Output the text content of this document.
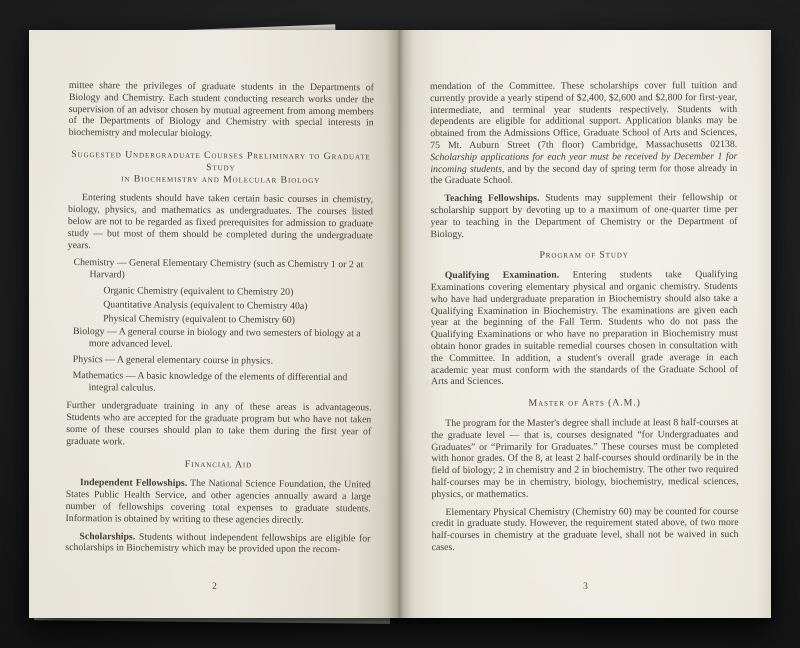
mittee share the privileges of graduate students in the Departments of Biology and Chemistry. Each student conducting research works under the supervision of an advisor chosen by mutual agreement from among members of the Departments of Biology and Chemistry with special interests in biochemistry and molecular biology.

Suggested Undergraduate Courses Preliminary to Graduate Study
in Biochemistry and Molecular Biology

Entering students should have taken certain basic courses in chemistry, biology, physics, and mathematics as undergraduates. The courses listed below are not to be regarded as fixed prerequisites for admission to graduate study — but most of them should be completed during the undergraduate years.

Chemistry — General Elementary Chemistry (such as Chemistry 1 or 2 at Harvard)

Organic Chemistry (equivalent to Chemistry 20)

Quantitative Analysis (equivalent to Chemistry 40a)

Physical Chemistry (equivalent to Chemistry 60)

Biology — A general course in biology and two semesters of biology at a more advanced level.

Physics — A general elementary course in physics.

Mathematics — A basic knowledge of the elements of differential and integral calculus.

Further undergraduate training in any of these areas is advantageous. Students who are accepted for the graduate program but who have not taken some of these courses should plan to take them during the first year of graduate work.

Financial Aid

Independent Fellowships. The National Science Foundation, the United States Public Health Service, and other agencies annually award a large number of fellowships covering total expenses to graduate students. Information is obtained by writing to these agencies directly.

Scholarships. Students without independent fellowships are eligible for scholarships in Biochemistry which may be provided upon the recom-

2

mendation of the Committee. These scholarships cover full tuition and currently provide a yearly stipend of $2,400, $2,600 and $2,800 for first-year, intermediate, and terminal year students respectively. Students with dependents are eligible for additional support. Application blanks may be obtained from the Admissions Office, Graduate School of Arts and Sciences, 75 Mt. Auburn Street (7th floor) Cambridge, Massachusetts 02138. Scholarship applications for each year must be received by December 1 for incoming students, and by the second day of spring term for those already in the Graduate School.

Teaching Fellowships. Students may supplement their fellowship or scholarship support by devoting up to a maximum of one-quarter time per year to teaching in the Department of Chemistry or the Department of Biology.

Program of Study

Qualifying Examination. Entering students take Qualifying Examinations covering elementary physical and organic chemistry. Students who have had undergraduate preparation in Biochemistry should also take a Qualifying Examination in Biochemistry. The examinations are given each year at the beginning of the Fall Term. Students who do not pass the Qualifying Examinations or who have no preparation in Biochemistry must obtain honor grades in suitable remedial courses chosen in consultation with the Committee. In addition, a student's overall grade average in each academic year must conform with the standards of the Graduate School of Arts and Sciences.

Master of Arts (A.M.)

The program for the Master's degree shall include at least 8 half-courses at the graduate level — that is, courses designated “for Undergraduates and Graduates” or “Primarily for Graduates.” These courses must be completed with honor grades. Of the 8, at least 2 half-courses should ordinarily be in the field of biology; 2 in chemistry and 2 in biochemistry. The other two required half-courses may be in chemistry, biology, biochemistry, medical sciences, physics, or mathematics.

Elementary Physical Chemistry (Chemistry 60) may be counted for course credit in graduate study. However, the requirement stated above, of two more half-courses in chemistry at the graduate level, shall not be waived in such cases.

3
